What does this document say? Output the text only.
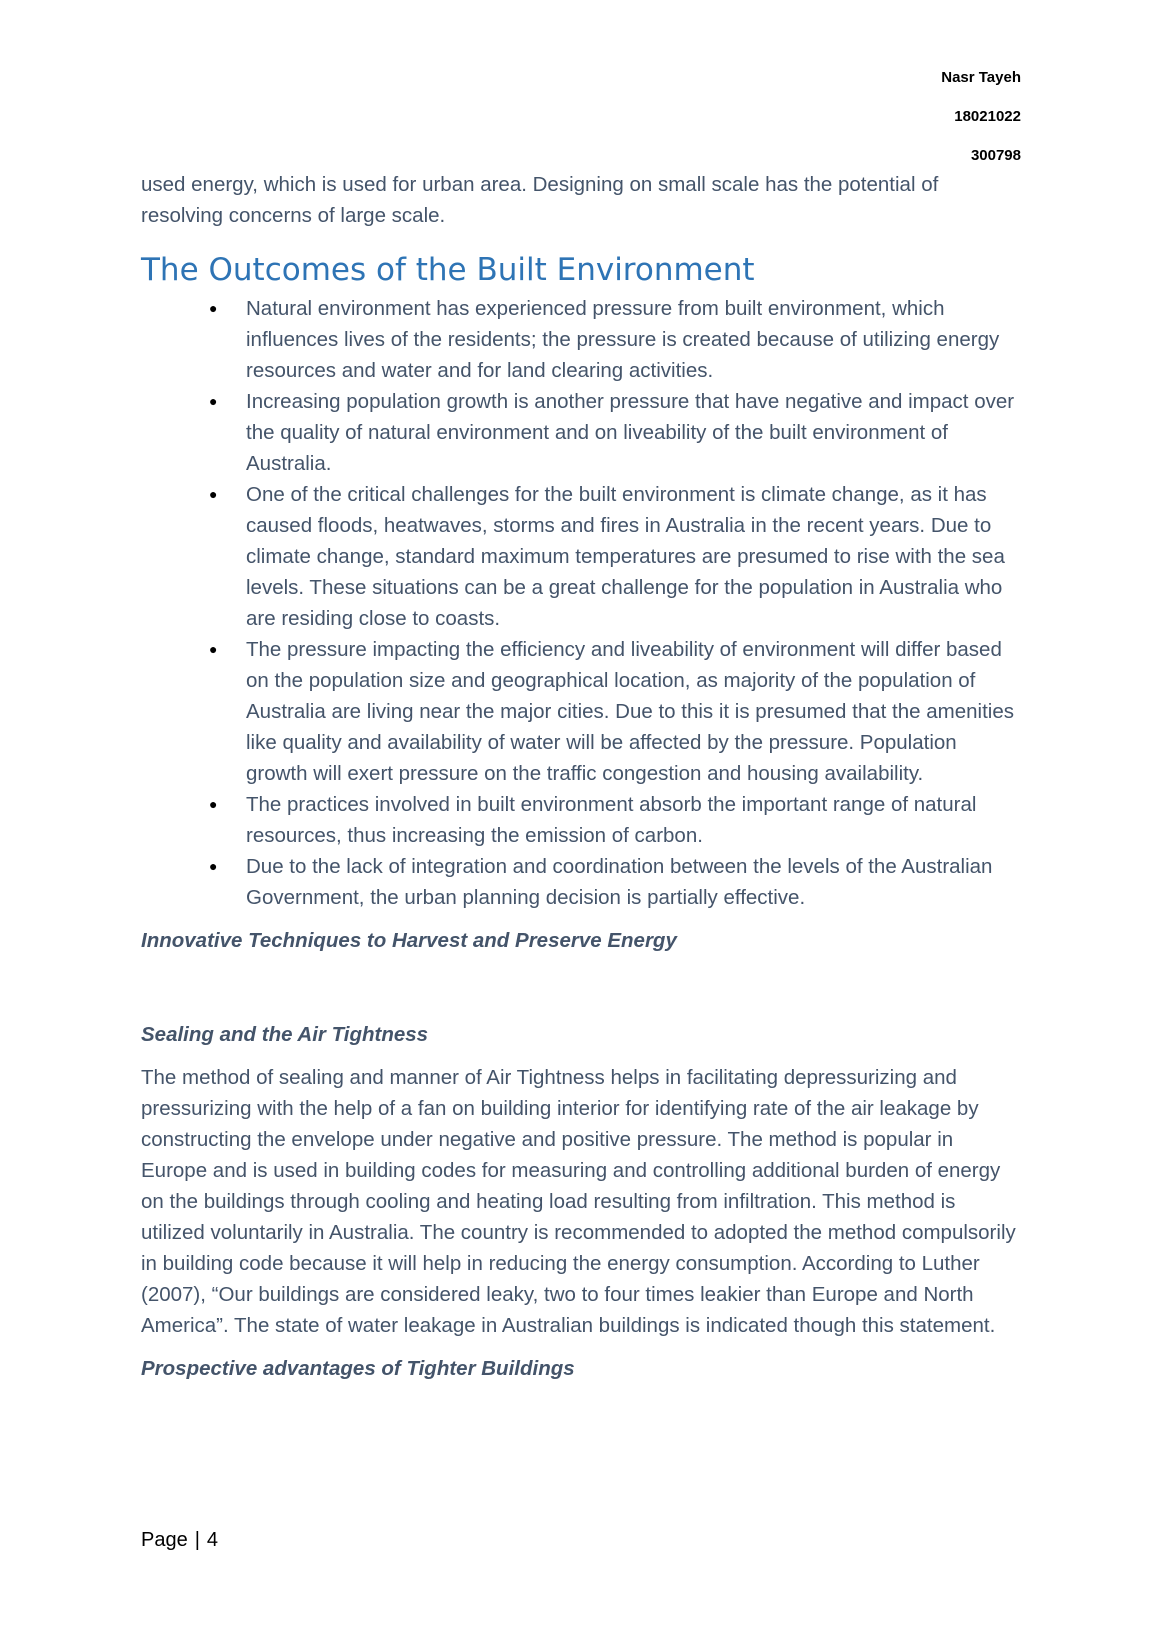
Nasr Tayeh
18021022
300798

used energy, which is used for urban area. Designing on small scale has the potential of resolving concerns of large scale.

The Outcomes of the Built Environment
● Natural environment has experienced pressure from built environment, which influences lives of the residents; the pressure is created because of utilizing energy resources and water and for land clearing activities.
● Increasing population growth is another pressure that have negative and impact over the quality of natural environment and on liveability of the built environment of Australia.
● One of the critical challenges for the built environment is climate change, as it has caused floods, heatwaves, storms and fires in Australia in the recent years. Due to climate change, standard maximum temperatures are presumed to rise with the sea levels. These situations can be a great challenge for the population in Australia who are residing close to coasts.
● The pressure impacting the efficiency and liveability of environment will differ based on the population size and geographical location, as majority of the population of Australia are living near the major cities. Due to this it is presumed that the amenities like quality and availability of water will be affected by the pressure. Population growth will exert pressure on the traffic congestion and housing availability.
● The practices involved in built environment absorb the important range of natural resources, thus increasing the emission of carbon.
● Due to the lack of integration and coordination between the levels of the Australian Government, the urban planning decision is partially effective.
Innovative Techniques to Harvest and Preserve Energy
Sealing and the Air Tightness

The method of sealing and manner of Air Tightness helps in facilitating depressurizing and pressurizing with the help of a fan on building interior for identifying rate of the air leakage by constructing the envelope under negative and positive pressure. The method is popular in Europe and is used in building codes for measuring and controlling additional burden of energy on the buildings through cooling and heating load resulting from infiltration. This method is utilized voluntarily in Australia. The country is recommended to adopted the method compulsorily in building code because it will help in reducing the energy consumption. According to Luther (2007), “Our buildings are considered leaky, two to four times leakier than Europe and North America”. The state of water leakage in Australian buildings is indicated though this statement.

Prospective advantages of Tighter Buildings
Page | 4
